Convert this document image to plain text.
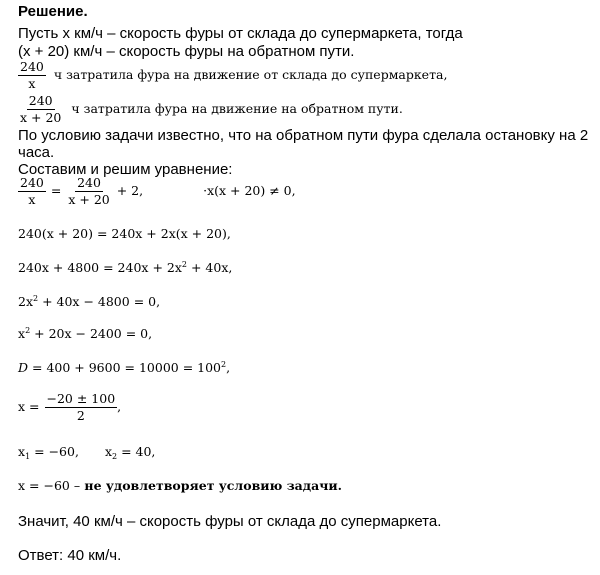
Решение.
Пусть x км/ч – скорость фуры от склада до супермаркета, тогда
(x + 20) км/ч – скорость фуры на обратном пути.
$\frac{240}{x}$ ч затратила фура на движение от склада до супермаркета,
$\frac{240}{x + 20}$ ч затратила фура на движение на обратном пути.
По условию задачи известно, что на обратном пути фура сделала остановку на 2
часа.
Составим и решим уравнение:
$\frac{240}{x} = \frac{240}{x + 20} + 2$,	·x(x + 20) ≠ 0,
240(x + 20) = 240x + 2x(x + 20),
$240x + 4800 = 240x + 2x^2 + 40x$,
$2x^2 + 40x - 4800 = 0$,
$x^2 + 20x - 2400 = 0$,
$D = 400 + 9600 = 10000 = 100^2$,
$x = \frac{-20 \pm 100}{2}$ ,
$x_1 = -60$, $x_2 = 40$,
x = −60 – не удовлетворяет условию задачи.
Значит, 40 км/ч – скорость фуры от склада до супермаркета.
Ответ: 40 км/ч.
